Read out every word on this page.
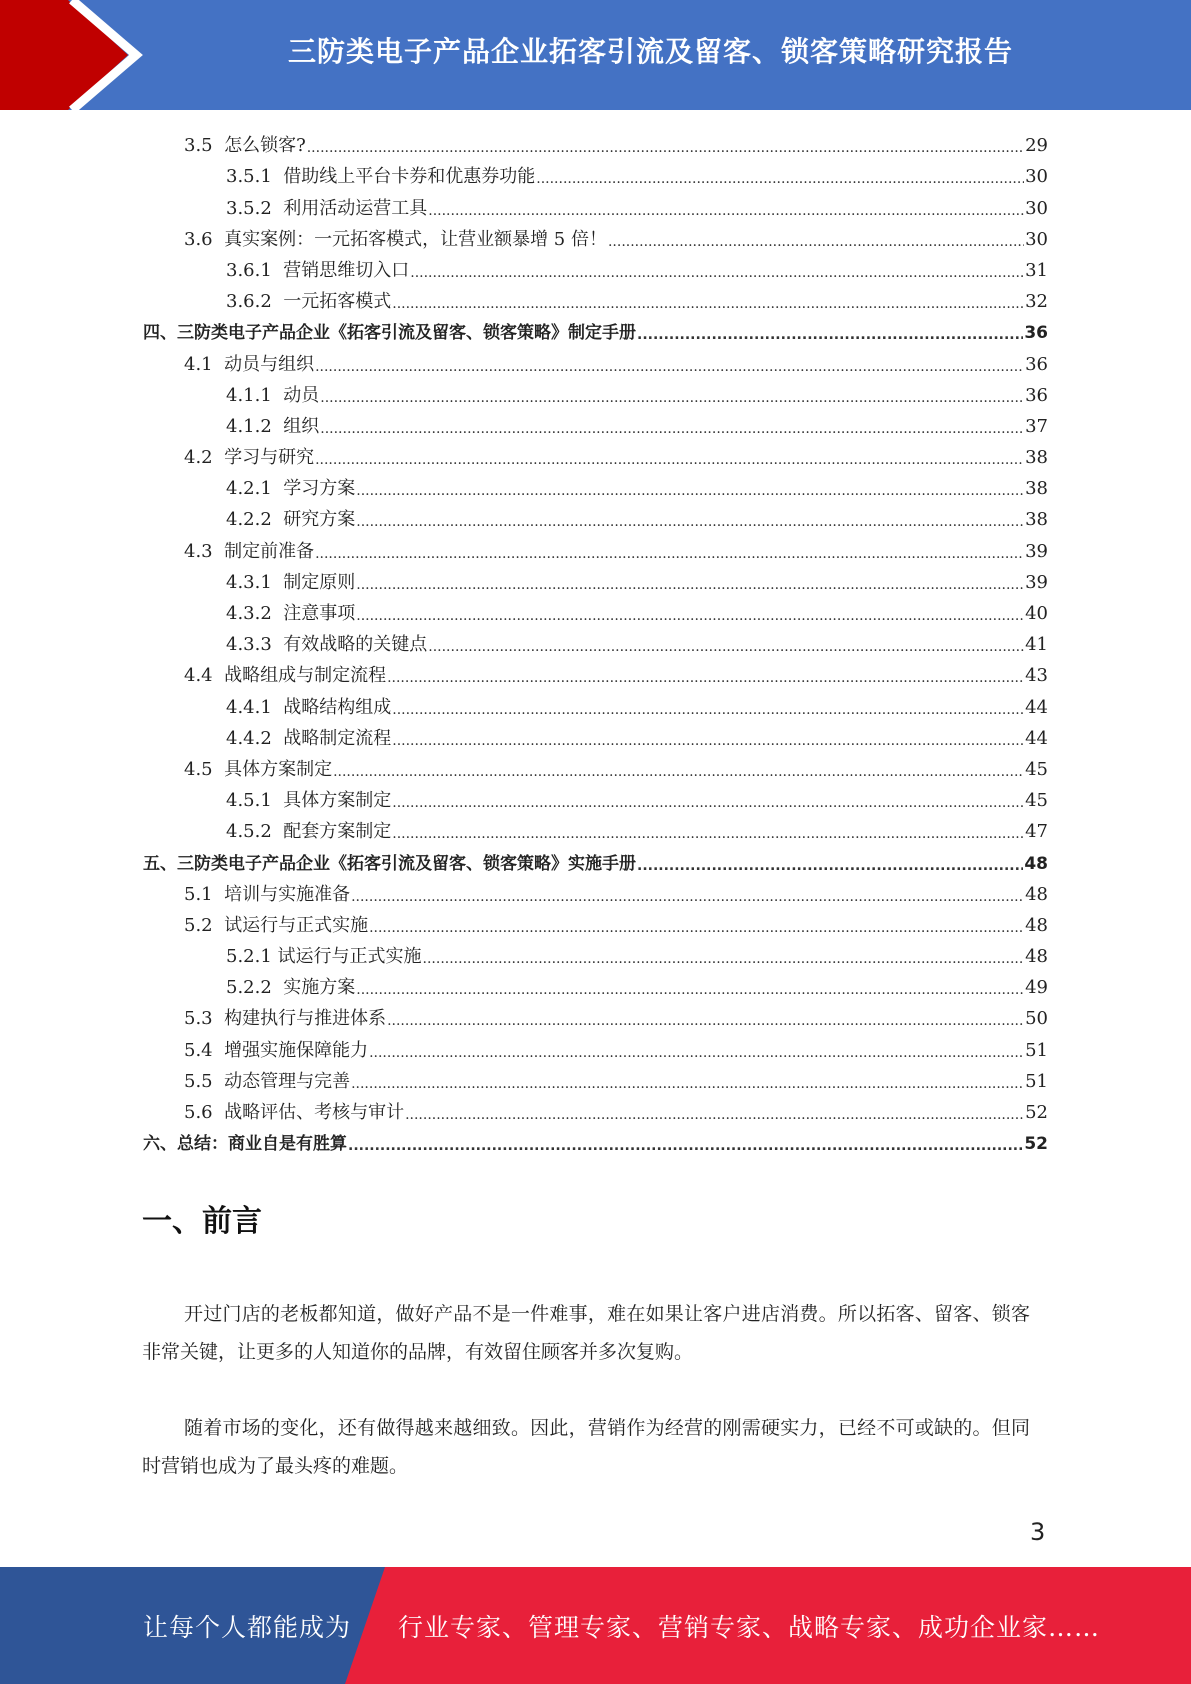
三防类电子产品企业拓客引流及留客、锁客策略研究报告
3.5 怎么锁客? .....	29
3.5.1 借助线上平台卡券和优惠券功能 .....	30
3.5.2 利用活动运营工具 .....	30
3.6 真实案例：一元拓客模式，让营业额暴增 5 倍！ .....	30
3.6.1 营销思维切入口 .....	31
3.6.2 一元拓客模式 .....	32
四、三防类电子产品企业《拓客引流及留客、锁客策略》制定手册 .....	36
4.1 动员与组织 .....	36
4.1.1 动员 .....	36
4.1.2 组织 .....	37
4.2 学习与研究 .....	38
4.2.1 学习方案 .....	38
4.2.2 研究方案 .....	38
4.3 制定前准备 .....	39
4.3.1 制定原则 .....	39
4.3.2 注意事项 .....	40
4.3.3 有效战略的关键点 .....	41
4.4 战略组成与制定流程 .....	43
4.4.1 战略结构组成 .....	44
4.4.2 战略制定流程 .....	44
4.5 具体方案制定 .....	45
4.5.1 具体方案制定 .....	45
4.5.2 配套方案制定 .....	47
五、三防类电子产品企业《拓客引流及留客、锁客策略》实施手册 .....	48
5.1 培训与实施准备 .....	48
5.2 试运行与正式实施 .....	48
5.2.1 试运行与正式实施 .....	48
5.2.2 实施方案 .....	49
5.3 构建执行与推进体系 .....	50
5.4 增强实施保障能力 .....	51
5.5 动态管理与完善 .....	51
5.6 战略评估、考核与审计 .....	52
六、总结：商业自是有胜算 .....	52
一、前言

开过门店的老板都知道，做好产品不是一件难事，难在如果让客户进店消费。所以拓客、留客、锁客非常关键，让更多的人知道你的品牌，有效留住顾客并多次复购。

随着市场的变化，还有做得越来越细致。因此，营销作为经营的刚需硬实力，已经不可或缺的。但同时营销也成为了最头疼的难题。

3
让每个人都能成为 行业专家、管理专家、营销专家、战略专家、成功企业家……
